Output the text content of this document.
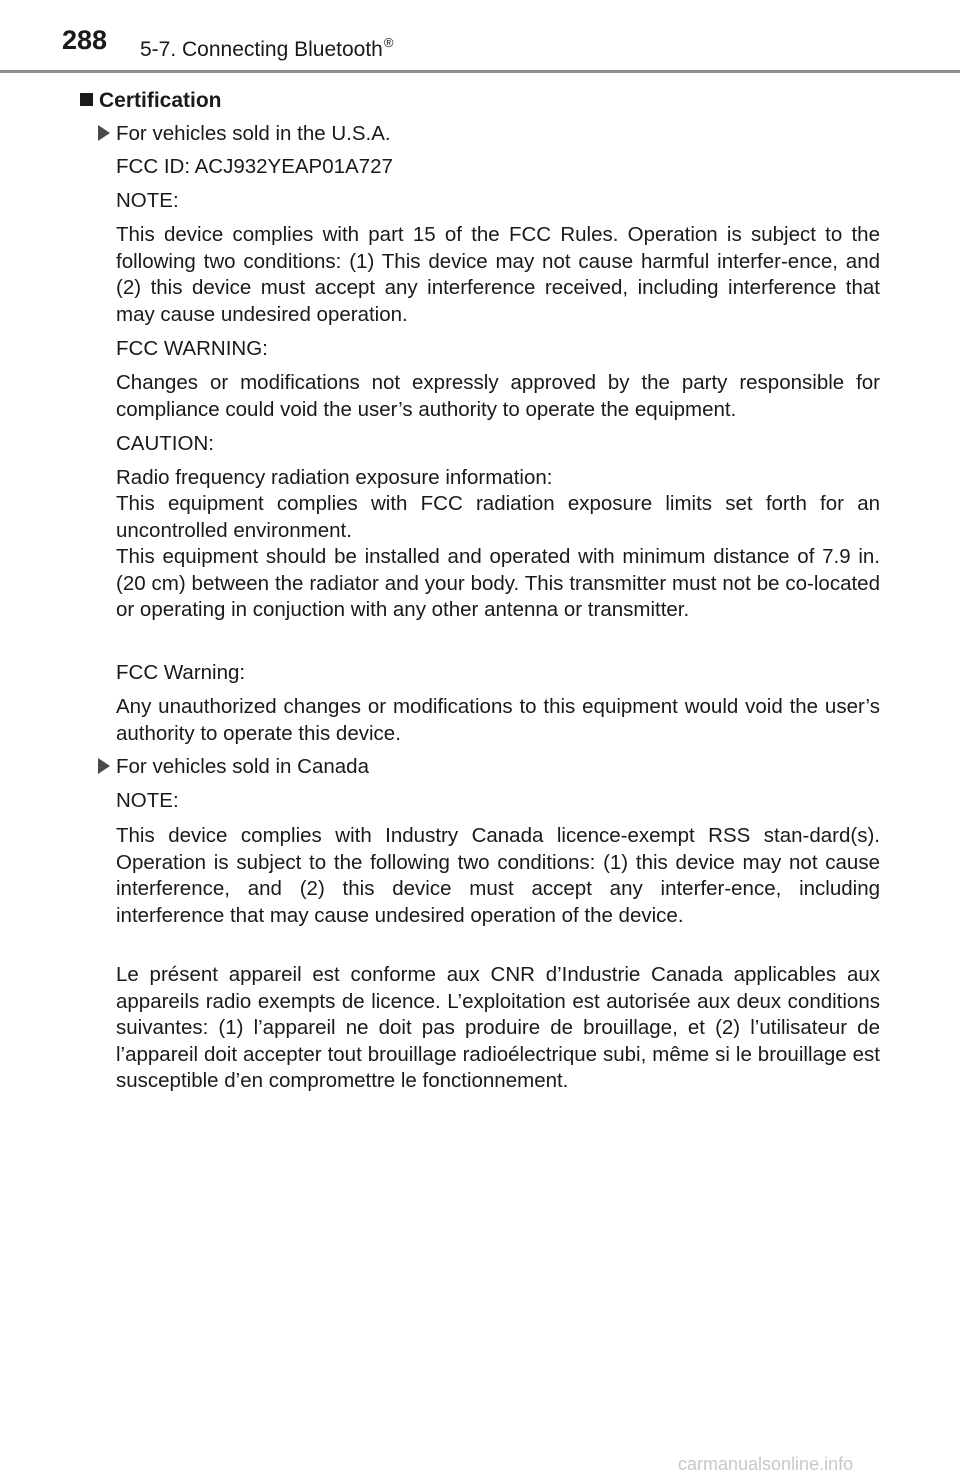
288 5-7. Connecting Bluetooth®
Certification
For vehicles sold in the U.S.A.

FCC ID: ACJ932YEAP01A727

NOTE:

This device complies with part 15 of the FCC Rules. Operation is subject to the following two conditions: (1) This device may not cause harmful interfer-ence, and (2) this device must accept any interference received, including interference that may cause undesired operation.

FCC WARNING:

Changes or modifications not expressly approved by the party responsible for compliance could void the user’s authority to operate the equipment.

CAUTION:

Radio frequency radiation exposure information:

This equipment complies with FCC radiation exposure limits set forth for an uncontrolled environment.

This equipment should be installed and operated with minimum distance of 7.9 in. (20 cm) between the radiator and your body. This transmitter must not be co-located or operating in conjuction with any other antenna or transmitter.

FCC Warning:

Any unauthorized changes or modifications to this equipment would void the user’s authority to operate this device.

For vehicles sold in Canada

NOTE:

This device complies with Industry Canada licence-exempt RSS stan-dard(s). Operation is subject to the following two conditions: (1) this device may not cause interference, and (2) this device must accept any interfer-ence, including interference that may cause undesired operation of the device.

Le présent appareil est conforme aux CNR d’Industrie Canada applicables aux appareils radio exempts de licence. L’exploitation est autorisée aux deux conditions suivantes: (1) l’appareil ne doit pas produire de brouillage, et (2) l’utilisateur de l’appareil doit accepter tout brouillage radioélectrique subi, même si le brouillage est susceptible d’en compromettre le fonctionnement.

carmanualsonline.info
